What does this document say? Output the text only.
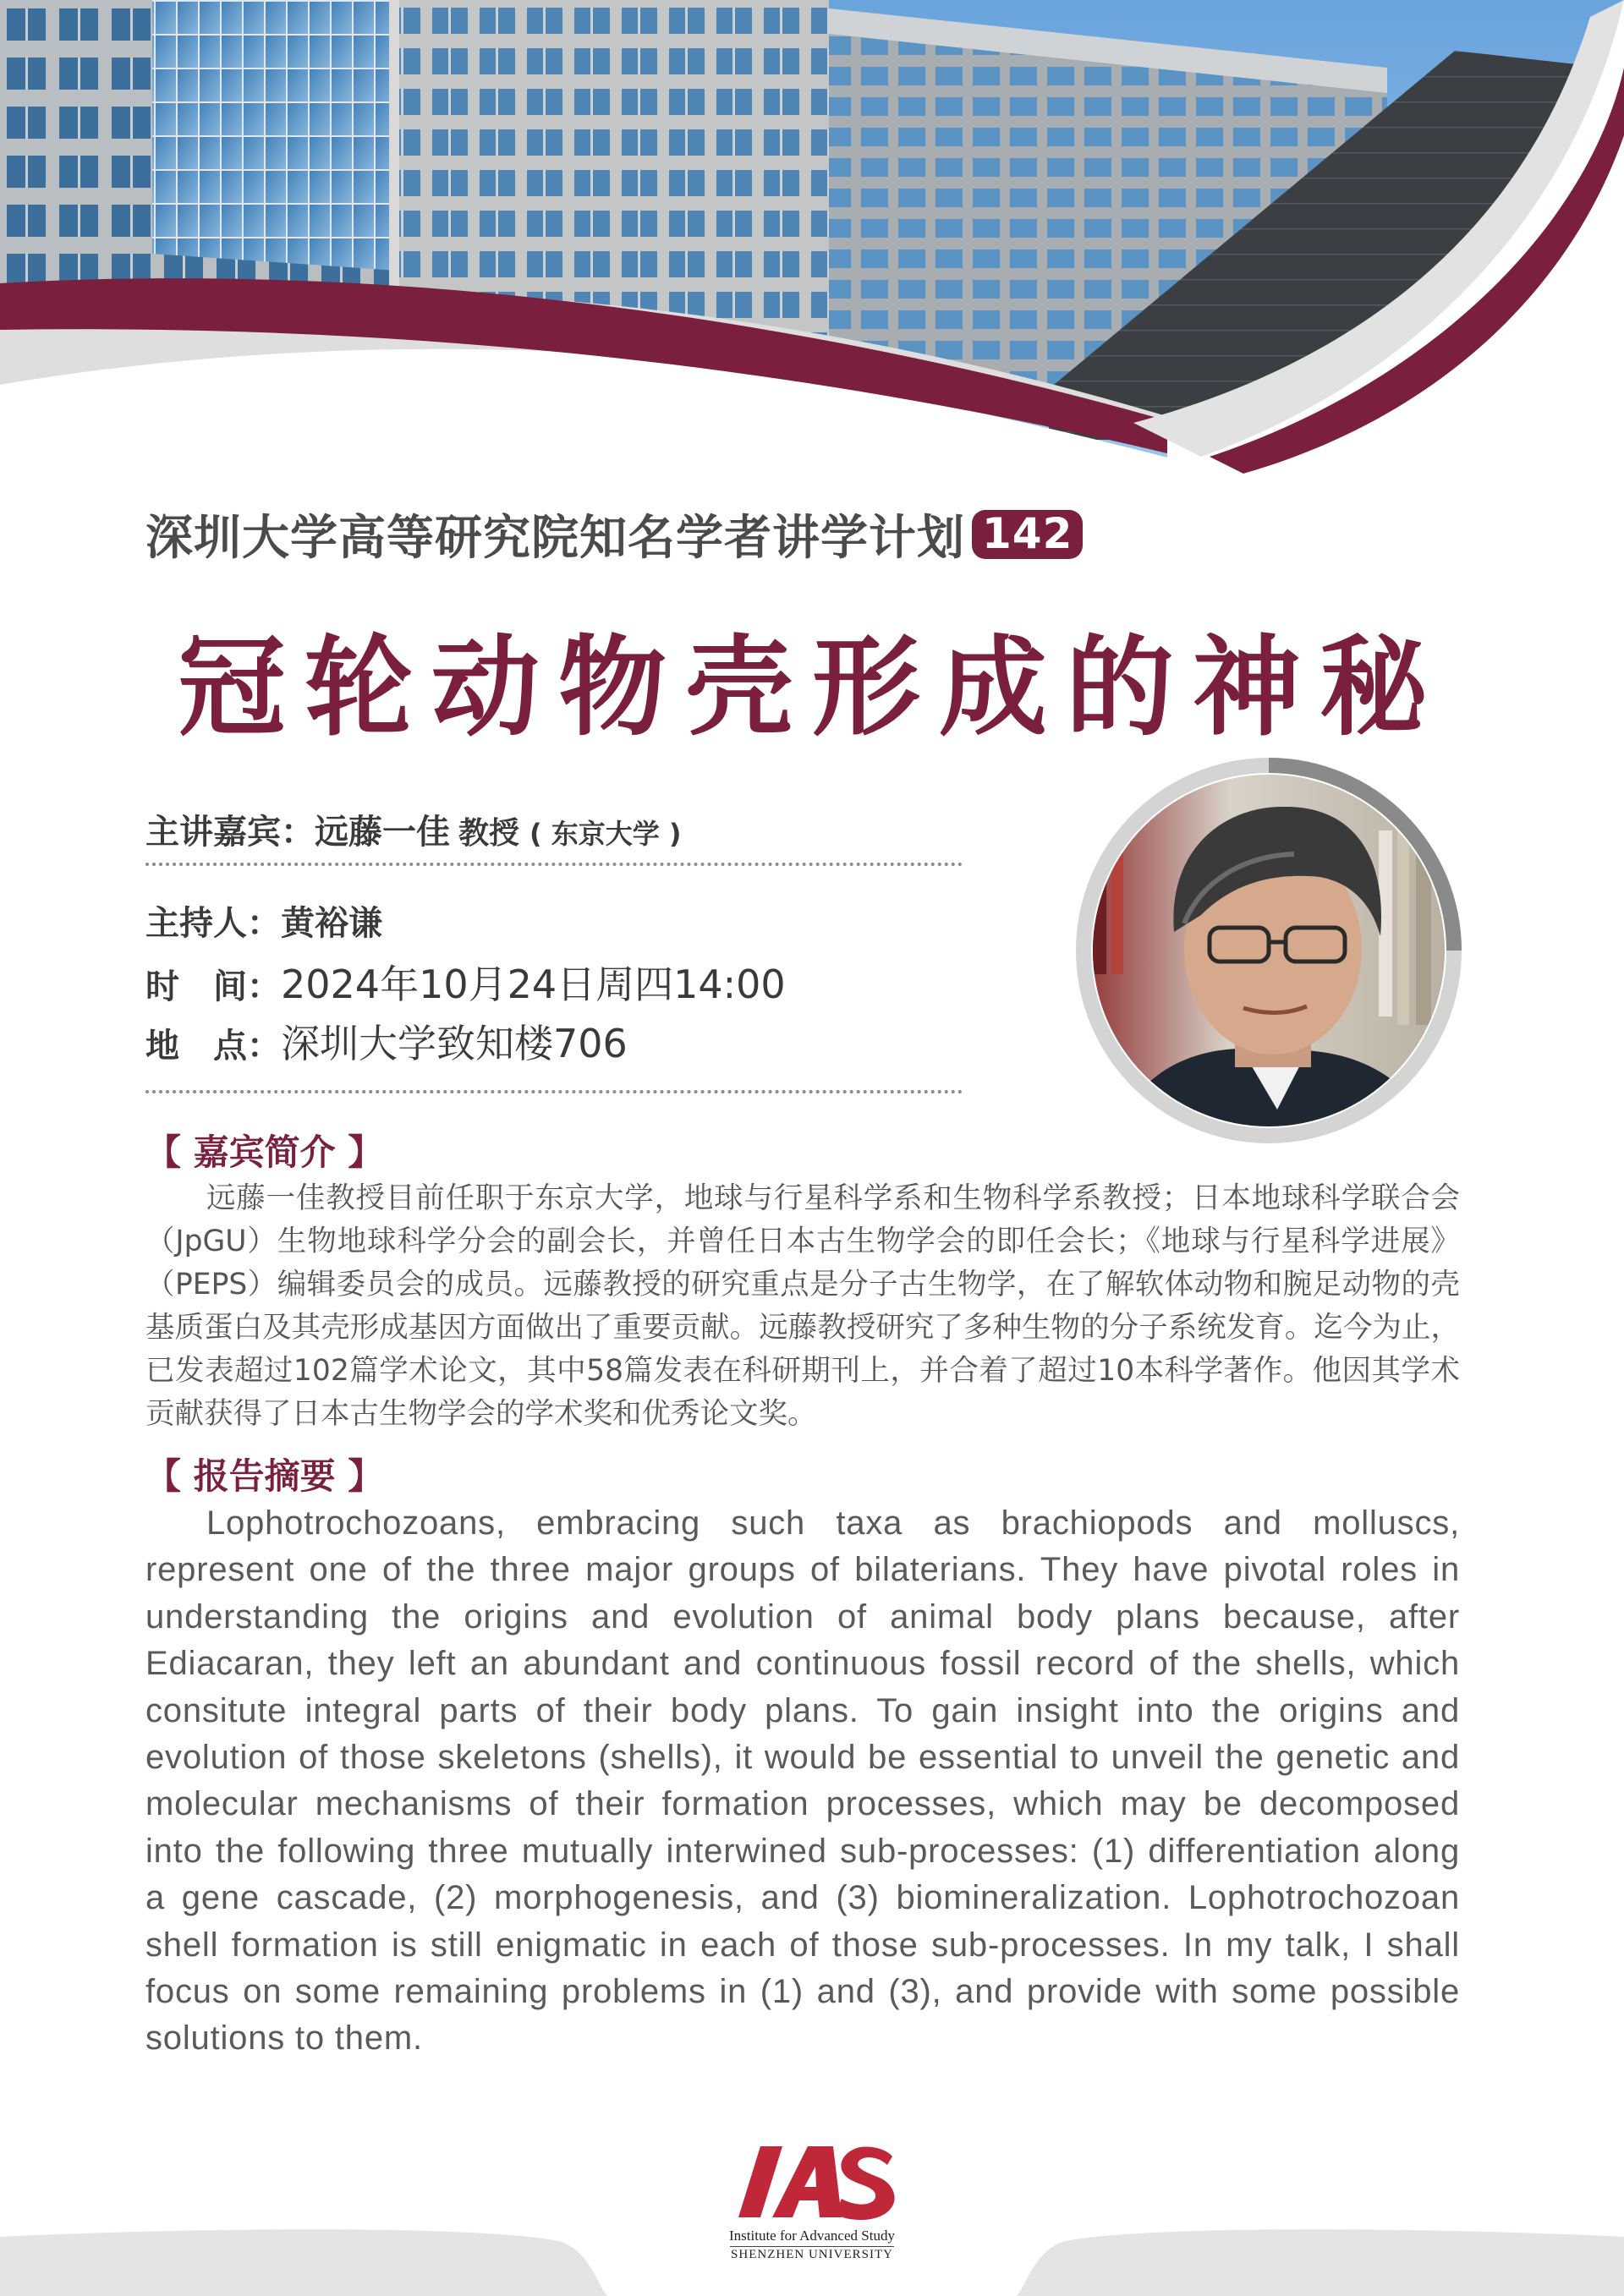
深圳大学高等研究院知名学者讲学计划 142
冠轮动物壳形成的神秘
主讲嘉宾： 远藤一佳 教授 ( 东京大学 )
主持人： 黄裕谦
时　间： 2024年10月24日周四14:00
地　点： 深圳大学致知楼706
【 嘉宾简介 】

远藤一佳教授目前任职于东京大学，地球与行星科学系和生物科学系教授；日本地球科学联合会（JpGU）生物地球科学分会的副会长，并曾任日本古生物学会的即任会长；《地球与行星科学进展》（PEPS）编辑委员会的成员。远藤教授的研究重点是分子古生物学，在了解软体动物和腕足动物的壳基质蛋白及其壳形成基因方面做出了重要贡献。远藤教授研究了多种生物的分子系统发育。迄今为止，已发表超过102篇学术论文，其中58篇发表在科研期刊上，并合着了超过10本科学著作。他因其学术贡献获得了日本古生物学会的学术奖和优秀论文奖。

【 报告摘要 】

Lophotrochozoans, embracing such taxa as brachiopods and molluscs, represent one of the three major groups of bilaterians. They have pivotal roles in understanding the origins and evolution of animal body plans because, after Ediacaran, they left an abundant and continuous fossil record of the shells, which consitute integral parts of their body plans. To gain insight into the origins and evolution of those skeletons (shells), it would be essential to unveil the genetic and molecular mechanisms of their formation processes, which may be decomposed into the following three mutually interwined sub-processes: (1) differentiation along a gene cascade, (2) morphogenesis, and (3) biomineralization. Lophotrochozoan shell formation is still enigmatic in each of those sub-processes. In my talk, I shall focus on some remaining problems in (1) and (3), and provide with some possible solutions to them.

Institute for Advanced Study
SHENZHEN UNIVERSITY
